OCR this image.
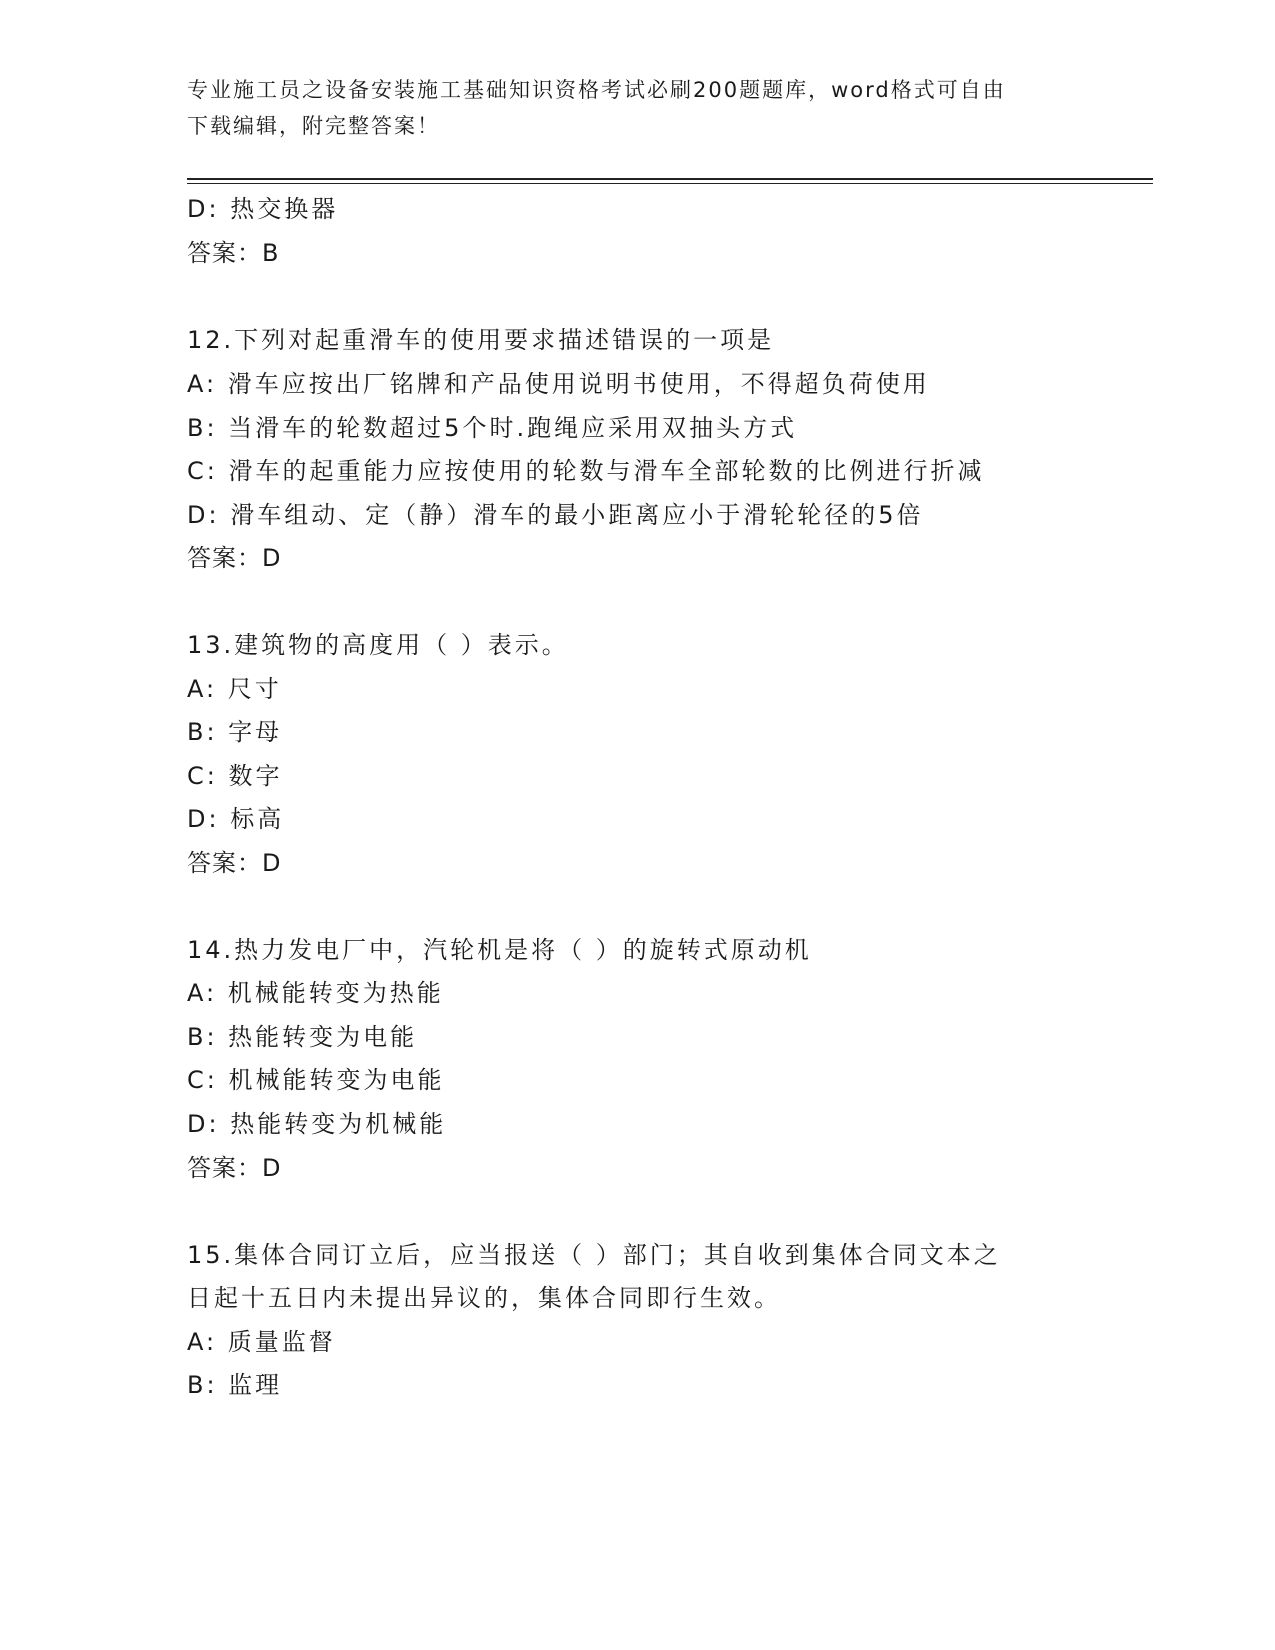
专业施工员之设备安装施工基础知识资格考试必刷200题题库，word格式可自由
下载编辑，附完整答案！
D: 热交换器
答案：B
12.下列对起重滑车的使用要求描述错误的一项是
A: 滑车应按出厂铭牌和产品使用说明书使用，不得超负荷使用
B: 当滑车的轮数超过5个时.跑绳应采用双抽头方式
C: 滑车的起重能力应按使用的轮数与滑车全部轮数的比例进行折减
D: 滑车组动、定（静）滑车的最小距离应小于滑轮轮径的5倍
答案：D
13.建筑物的高度用（ ）表示。
A: 尺寸
B: 字母
C: 数字
D: 标高
答案：D
14.热力发电厂中，汽轮机是将（ ）的旋转式原动机
A: 机械能转变为热能
B: 热能转变为电能
C: 机械能转变为电能
D: 热能转变为机械能
答案：D
15.集体合同订立后，应当报送（ ）部门；其自收到集体合同文本之
日起十五日内未提出异议的，集体合同即行生效。
A: 质量监督
B: 监理
